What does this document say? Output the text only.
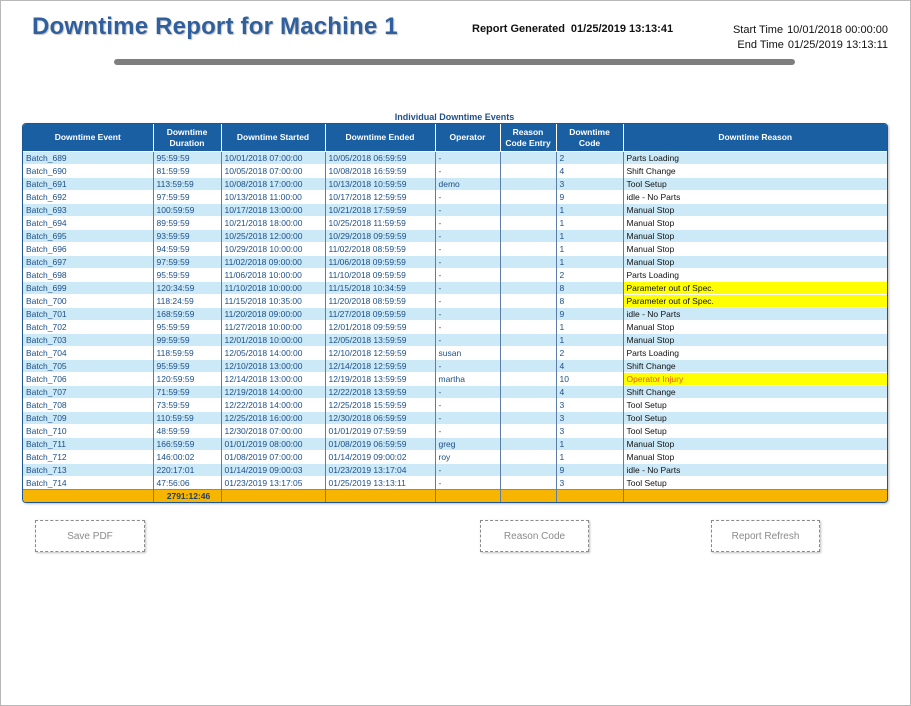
Downtime Report for Machine 1	Report Generated 01/25/2019 13:13:41	Start Time 10/01/2018 00:00:00
End Time 01/25/2019 13:13:11
Individual Downtime Events
Downtime Event	Downtime Duration	Downtime Started	Downtime Ended	Operator	Reason Code Entry	Downtime Code	Downtime Reason
Batch_689	95:59:59	10/01/2018 07:00:00	10/05/2018 06:59:59	-		2	Parts Loading
Batch_690	81:59:59	10/05/2018 07:00:00	10/08/2018 16:59:59	-		4	Shift Change
Batch_691	113:59:59	10/08/2018 17:00:00	10/13/2018 10:59:59	demo		3	Tool Setup
Batch_692	97:59:59	10/13/2018 11:00:00	10/17/2018 12:59:59	-		9	idle - No Parts
Batch_693	100:59:59	10/17/2018 13:00:00	10/21/2018 17:59:59	-		1	Manual Stop
Batch_694	89:59:59	10/21/2018 18:00:00	10/25/2018 11:59:59	-		1	Manual Stop
Batch_695	93:59:59	10/25/2018 12:00:00	10/29/2018 09:59:59	-		1	Manual Stop
Batch_696	94:59:59	10/29/2018 10:00:00	11/02/2018 08:59:59	-		1	Manual Stop
Batch_697	97:59:59	11/02/2018 09:00:00	11/06/2018 09:59:59	-		1	Manual Stop
Batch_698	95:59:59	11/06/2018 10:00:00	11/10/2018 09:59:59	-		2	Parts Loading
Batch_699	120:34:59	11/10/2018 10:00:00	11/15/2018 10:34:59	-		8	Parameter out of Spec.
Batch_700	118:24:59	11/15/2018 10:35:00	11/20/2018 08:59:59	-		8	Parameter out of Spec.
Batch_701	168:59:59	11/20/2018 09:00:00	11/27/2018 09:59:59	-		9	idle - No Parts
Batch_702	95:59:59	11/27/2018 10:00:00	12/01/2018 09:59:59	-		1	Manual Stop
Batch_703	99:59:59	12/01/2018 10:00:00	12/05/2018 13:59:59	-		1	Manual Stop
Batch_704	118:59:59	12/05/2018 14:00:00	12/10/2018 12:59:59	susan		2	Parts Loading
Batch_705	95:59:59	12/10/2018 13:00:00	12/14/2018 12:59:59	-		4	Shift Change
Batch_706	120:59:59	12/14/2018 13:00:00	12/19/2018 13:59:59	martha		10	Operator Injury
Batch_707	71:59:59	12/19/2018 14:00:00	12/22/2018 13:59:59	-		4	Shift Change
Batch_708	73:59:59	12/22/2018 14:00:00	12/25/2018 15:59:59	-		3	Tool Setup
Batch_709	110:59:59	12/25/2018 16:00:00	12/30/2018 06:59:59	-		3	Tool Setup
Batch_710	48:59:59	12/30/2018 07:00:00	01/01/2019 07:59:59	-		3	Tool Setup
Batch_711	166:59:59	01/01/2019 08:00:00	01/08/2019 06:59:59	greg		1	Manual Stop
Batch_712	146:00:02	01/08/2019 07:00:00	01/14/2019 09:00:02	roy		1	Manual Stop
Batch_713	220:17:01	01/14/2019 09:00:03	01/23/2019 13:17:04	-		9	idle - No Parts
Batch_714	47:56:06	01/23/2019 13:17:05	01/25/2019 13:13:11	-		3	Tool Setup
	2791:12:46						
Save PDF	Reason Code	Report Refresh
